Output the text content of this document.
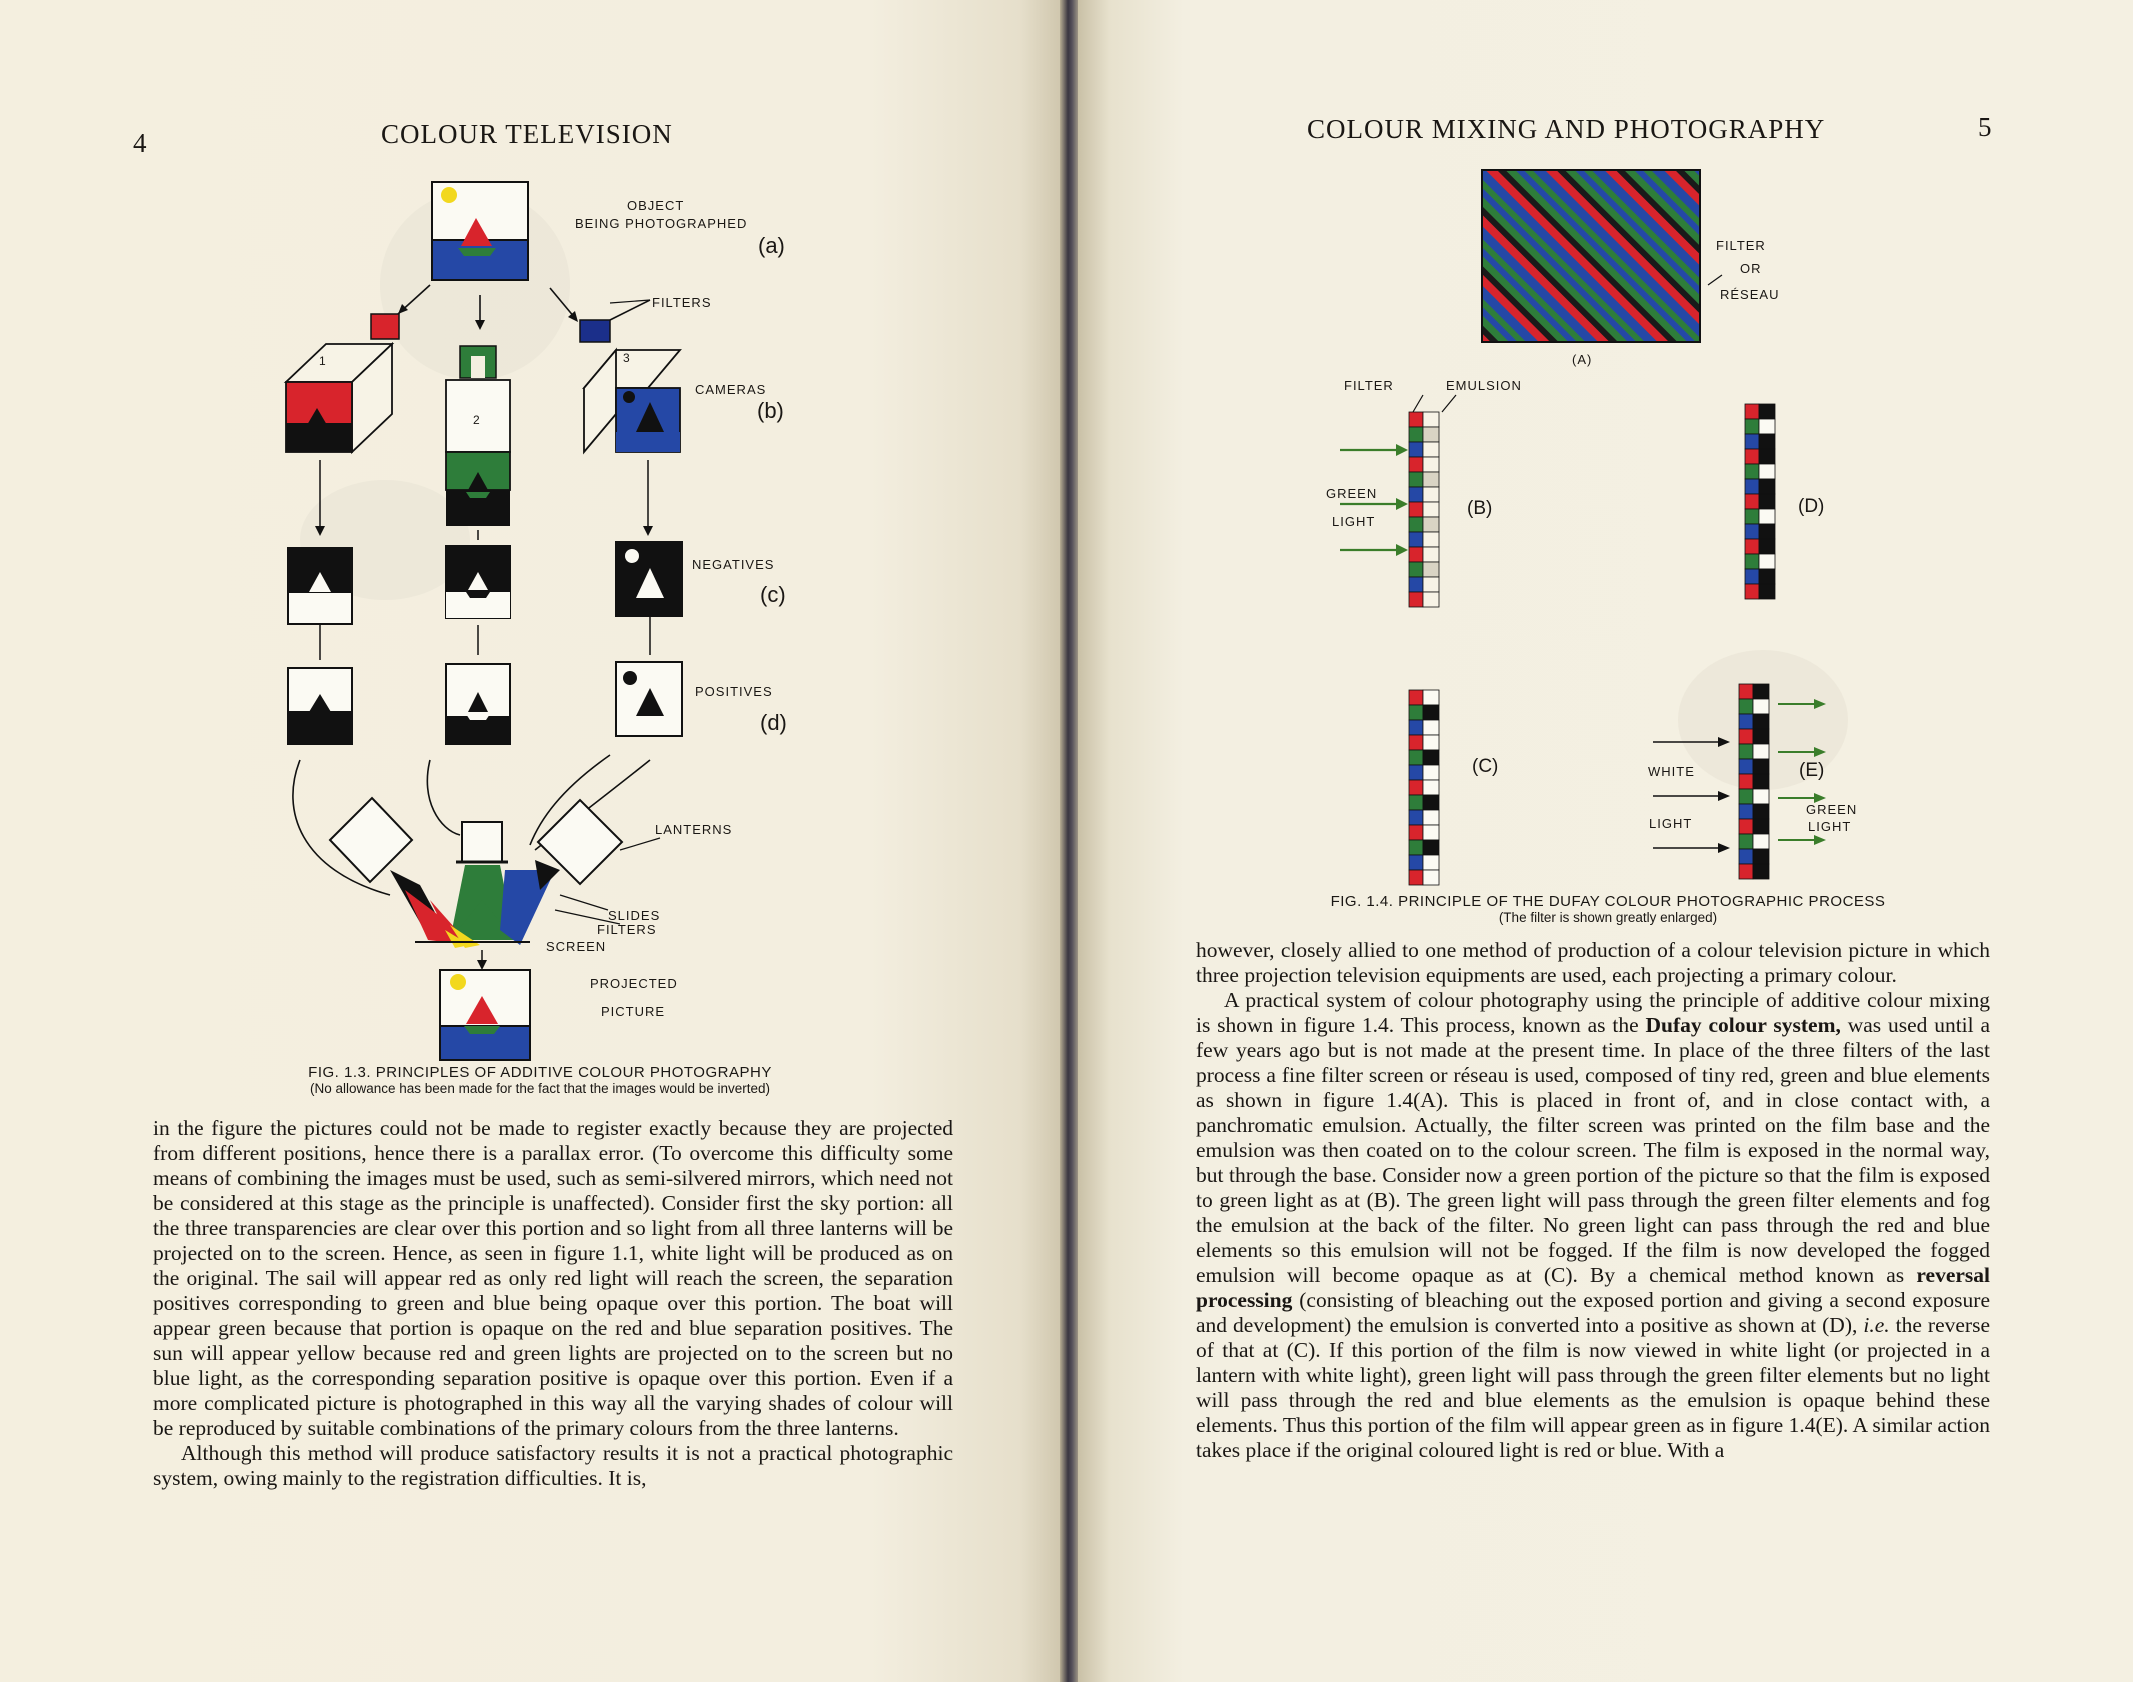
4	COLOUR TELEVISION
OBJECT
BEING PHOTOGRAPHED
(a)
FILTERS
1
2
3
CAMERAS
(b)
NEGATIVES
(c)
POSITIVES
(d)
LANTERNS
SLIDES
FILTERS
SCREEN
PROJECTED
PICTURE
FIG. 1.3. PRINCIPLES OF ADDITIVE COLOUR PHOTOGRAPHY
(No allowance has been made for the fact that the images would be inverted)

in the figure the pictures could not be made to register exactly because they are projected from different positions, hence there is a parallax error. (To overcome this difficulty some means of combining the images must be used, such as semi-silvered mirrors, which need not be considered at this stage as the principle is unaffected). Consider first the sky portion: all the three transparencies are clear over this portion and so light from all three lanterns will be projected on to the screen. Hence, as seen in figure 1.1, white light will be produced as on the original. The sail will appear red as only red light will reach the screen, the separation positives corresponding to green and blue being opaque over this portion. The boat will appear green because that portion is opaque on the red and blue separation positives. The sun will appear yellow because red and green lights are projected on to the screen but no blue light, as the corresponding separation positive is opaque over this portion. Even if a more complicated picture is photographed in this way all the varying shades of colour will be reproduced by suitable combinations of the primary colours from the three lanterns.

Although this method will produce satisfactory results it is not a practical photographic system, owing mainly to the registration difficulties. It is,

COLOUR MIXING AND PHOTOGRAPHY	5
FILTER
OR
RÉSEAU
(A)
FILTER	EMULSION
GREEN
LIGHT
(B)	(D)
(C)	WHITE
LIGHT
(E)
GREEN
LIGHT
FIG. 1.4. PRINCIPLE OF THE DUFAY COLOUR PHOTOGRAPHIC PROCESS
(The filter is shown greatly enlarged)

however, closely allied to one method of production of a colour television picture in which three projection television equipments are used, each projecting a primary colour.

A practical system of colour photography using the principle of additive colour mixing is shown in figure 1.4. This process, known as the Dufay colour system, was used until a few years ago but is not made at the present time. In place of the three filters of the last process a fine filter screen or réseau is used, composed of tiny red, green and blue elements as shown in figure 1.4(A). This is placed in front of, and in close contact with, a panchromatic emulsion. Actually, the filter screen was printed on the film base and the emulsion was then coated on to the colour screen. The film is exposed in the normal way, but through the base. Consider now a green portion of the picture so that the film is exposed to green light as at (B). The green light will pass through the green filter elements and fog the emulsion at the back of the filter. No green light can pass through the red and blue elements so this emulsion will not be fogged. If the film is now developed the fogged emulsion will become opaque as at (C). By a chemical method known as reversal processing (consisting of bleaching out the exposed portion and giving a second exposure and development) the emulsion is converted into a positive as shown at (D), i.e. the reverse of that at (C). If this portion of the film is now viewed in white light (or projected in a lantern with white light), green light will pass through the green filter elements but no light will pass through the red and blue elements as the emulsion is opaque behind these elements. Thus this portion of the film will appear green as in figure 1.4(E). A similar action takes place if the original coloured light is red or blue. With a
